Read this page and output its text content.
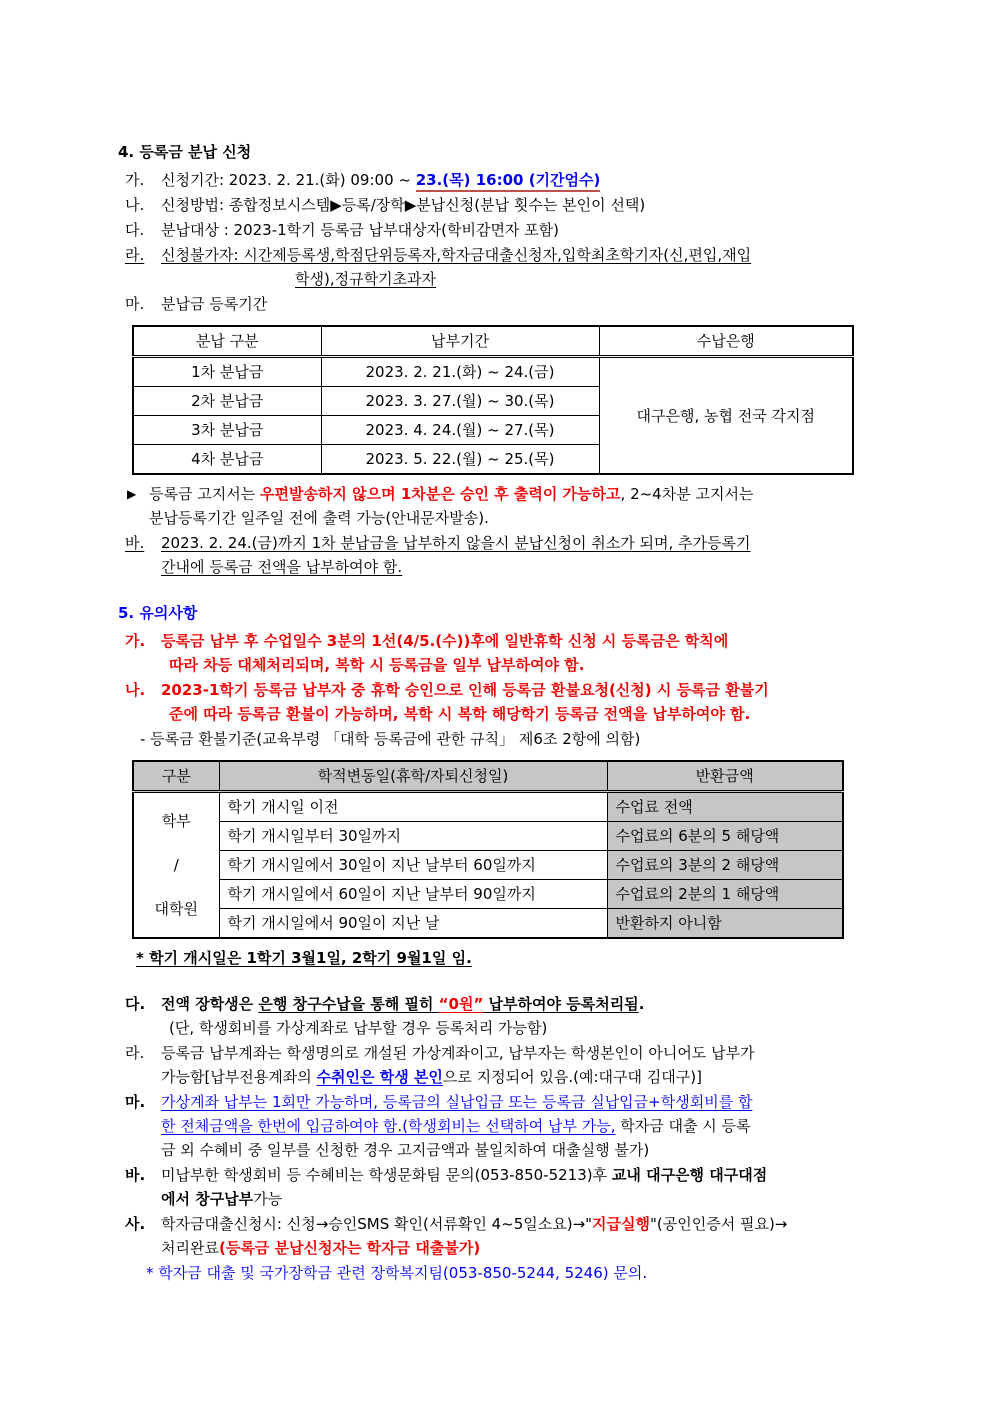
4. 등록금 분납 신청
가.	신청기간: 2023. 2. 21.(화) 09:00 ~ 23.(목) 16:00 (기간엄수)
나.	신청방법: 종합정보시스템▶등록/장학▶분납신청(분납 횟수는 본인이 선택)
다.	분납대상 : 2023-1학기 등록금 납부대상자(학비감면자 포함)
라.	신청불가자: 시간제등록생,학점단위등록자,학자금대출신청자,입학최초학기자(신,편입,재입
학생),정규학기초과자
마.	분납금 등록기간
분납 구분	납부기간	수납은행
1차 분납금	2023. 2. 21.(화) ~ 24.(금)	대구은행, 농협 전국 각지점
2차 분납금	2023. 3. 27.(월) ~ 30.(목)	
3차 분납금	2023. 4. 24.(월) ~ 27.(목)	
4차 분납금	2023. 5. 22.(월) ~ 25.(목)	
▶ 등록금 고지서는 우편발송하지 않으며 1차분은 승인 후 출력이 가능하고, 2~4차분 고지서는
분납등록기간 일주일 전에 출력 가능(안내문자발송).
바.	2023. 2. 24.(금)까지 1차 분납금을 납부하지 않을시 분납신청이 취소가 되며, 추가등록기
간내에 등록금 전액을 납부하여야 함.
5. 유의사항
가.	등록금 납부 후 수업일수 3분의 1선(4/5.(수))후에 일반휴학 신청 시 등록금은 학칙에
따라 차등 대체처리되며, 복학 시 등록금을 일부 납부하여야 함.
나.	2023-1학기 등록금 납부자 중 휴학 승인으로 인해 등록금 환불요청(신청) 시 등록금 환불기
준에 따라 등록금 환불이 가능하며, 복학 시 복학 해당학기 등록금 전액을 납부하여야 함.
- 등록금 환불기준(교육부령 「대학 등록금에 관한 규칙」 제6조 2항에 의함)
구분	학적변동일(휴학/자퇴신청일)	반환금액

학부
/
대학원	학기 개시일 이전	수업료 전액
	학기 개시일부터 30일까지	수업료의 6분의 5 해당액
	학기 개시일에서 30일이 지난 날부터 60일까지	수업료의 3분의 2 해당액
	학기 개시일에서 60일이 지난 날부터 90일까지	수업료의 2분의 1 해당액
	학기 개시일에서 90일이 지난 날	반환하지 아니함
* 학기 개시일은 1학기 3월1일, 2학기 9월1일 임.
다.	전액 장학생은 은행 창구수납을 통해 필히 “0원” 납부하여야 등록처리됨.
(단, 학생회비를 가상계좌로 납부할 경우 등록처리 가능함)
라.	등록금 납부계좌는 학생명의로 개설된 가상계좌이고, 납부자는 학생본인이 아니어도 납부가
가능함[납부전용계좌의 수취인은 학생 본인으로 지정되어 있음.(예:대구대 김대구)]
마.	가상계좌 납부는 1회만 가능하며, 등록금의 실납입금 또는 등록금 실납입금+학생회비를 합
한 전체금액을 한번에 입금하여야 함.(학생회비는 선택하여 납부 가능, 학자금 대출 시 등록
금 외 수혜비 중 일부를 신청한 경우 고지금액과 불일치하여 대출실행 불가)
바.	미납부한 학생회비 등 수혜비는 학생문화팀 문의(053-850-5213)후 교내 대구은행 대구대점
에서 창구납부가능
사.	학자금대출신청시: 신청→승인SMS 확인(서류확인 4~5일소요)→"지급실행"(공인인증서 필요)→
처리완료(등록금 분납신청자는 학자금 대출불가)
* 학자금 대출 및 국가장학금 관련 장학복지팀(053-850-5244, 5246) 문의.
